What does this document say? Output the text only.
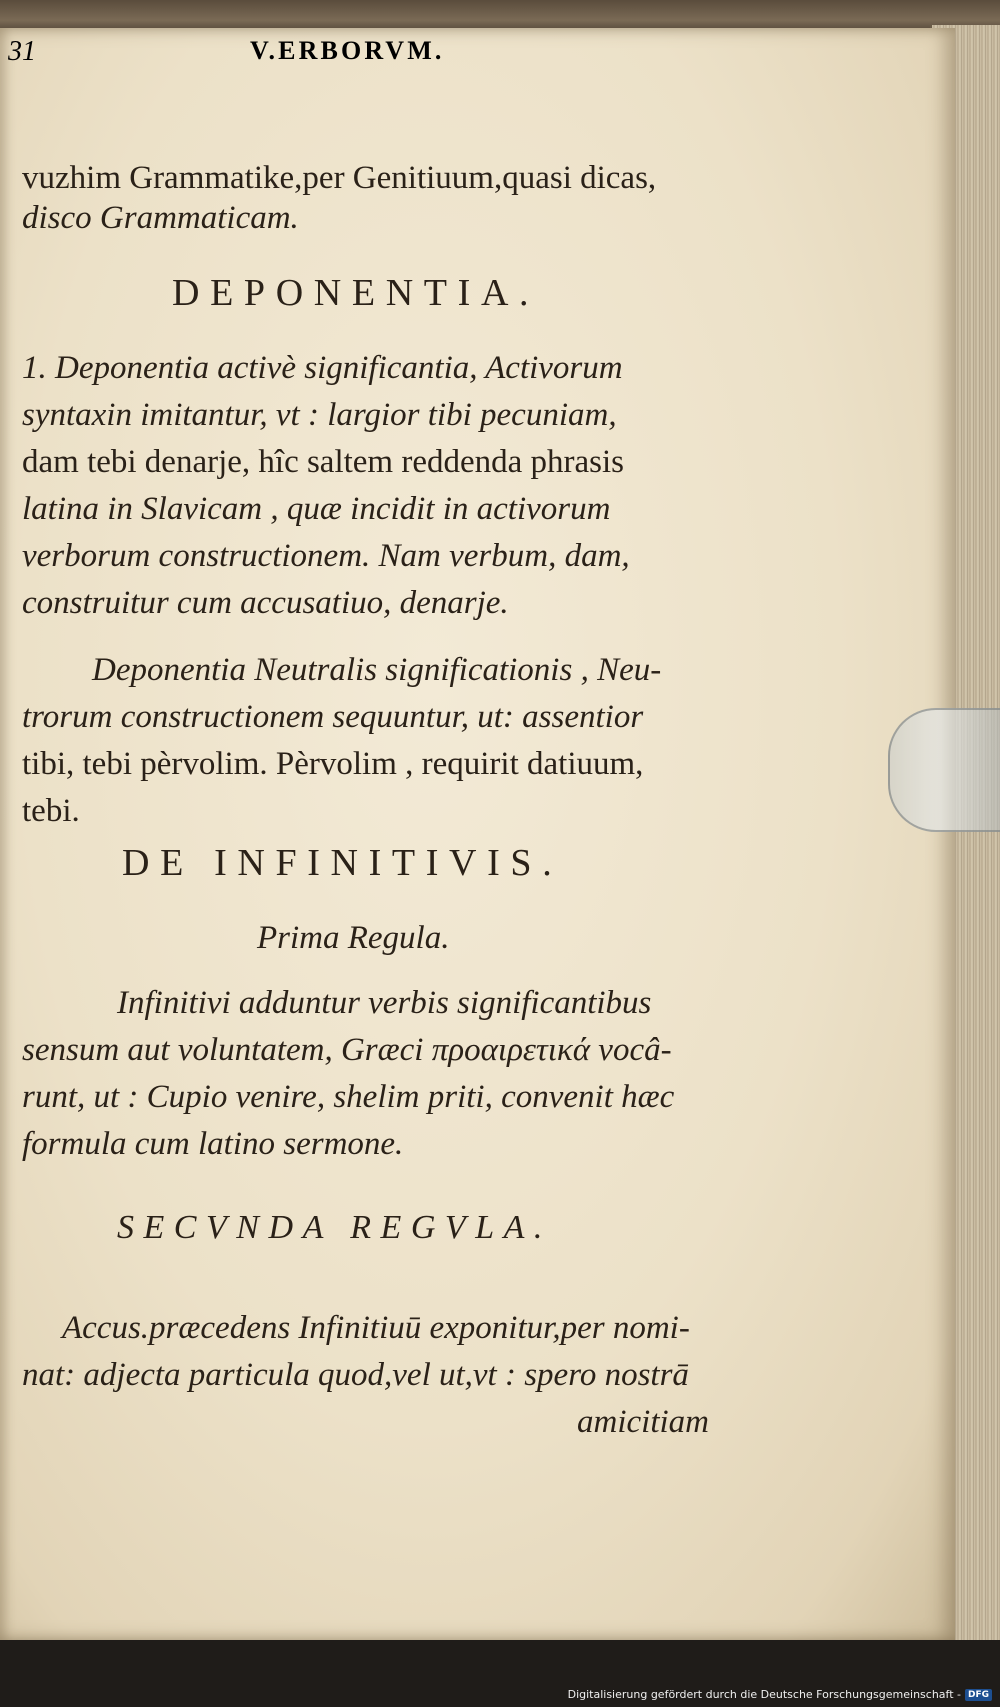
31	V.ERBORVM.
vuzhim Grammatike,per Genitiuum,quasi dicas,
disco Grammaticam.
DEPONENTIA.
1. Deponentia activè significantia, Activorum
syntaxin imitantur, vt : largior tibi pecuniam,
dam tebi denarje, hîc saltem reddenda phrasis
latina in Slavicam , quæ incidit in activorum
verborum constructionem. Nam verbum, dam,
construitur cum accusatiuo, denarje.
Deponentia Neutralis significationis , Neu-
trorum constructionem sequuntur, ut: assentior
tibi, tebi pèrvolim. Pèrvolim , requirit datiuum,
tebi.
DE INFINITIVIS.
Prima Regula.
Infinitivi adduntur verbis significantibus
sensum aut voluntatem, Græci προαιρετικά vocâ-
runt, ut : Cupio venire, shelim priti, convenit hæc
formula cum latino sermone.
SECVNDA REGVLA.
Accus.præcedens Infinitiuū exponitur,per nomi-
nat: adjecta particula quod,vel ut,vt : spero nostrā
amicitiam
Digitalisierung gefördert durch die Deutsche Forschungsgemeinschaft - DFG
